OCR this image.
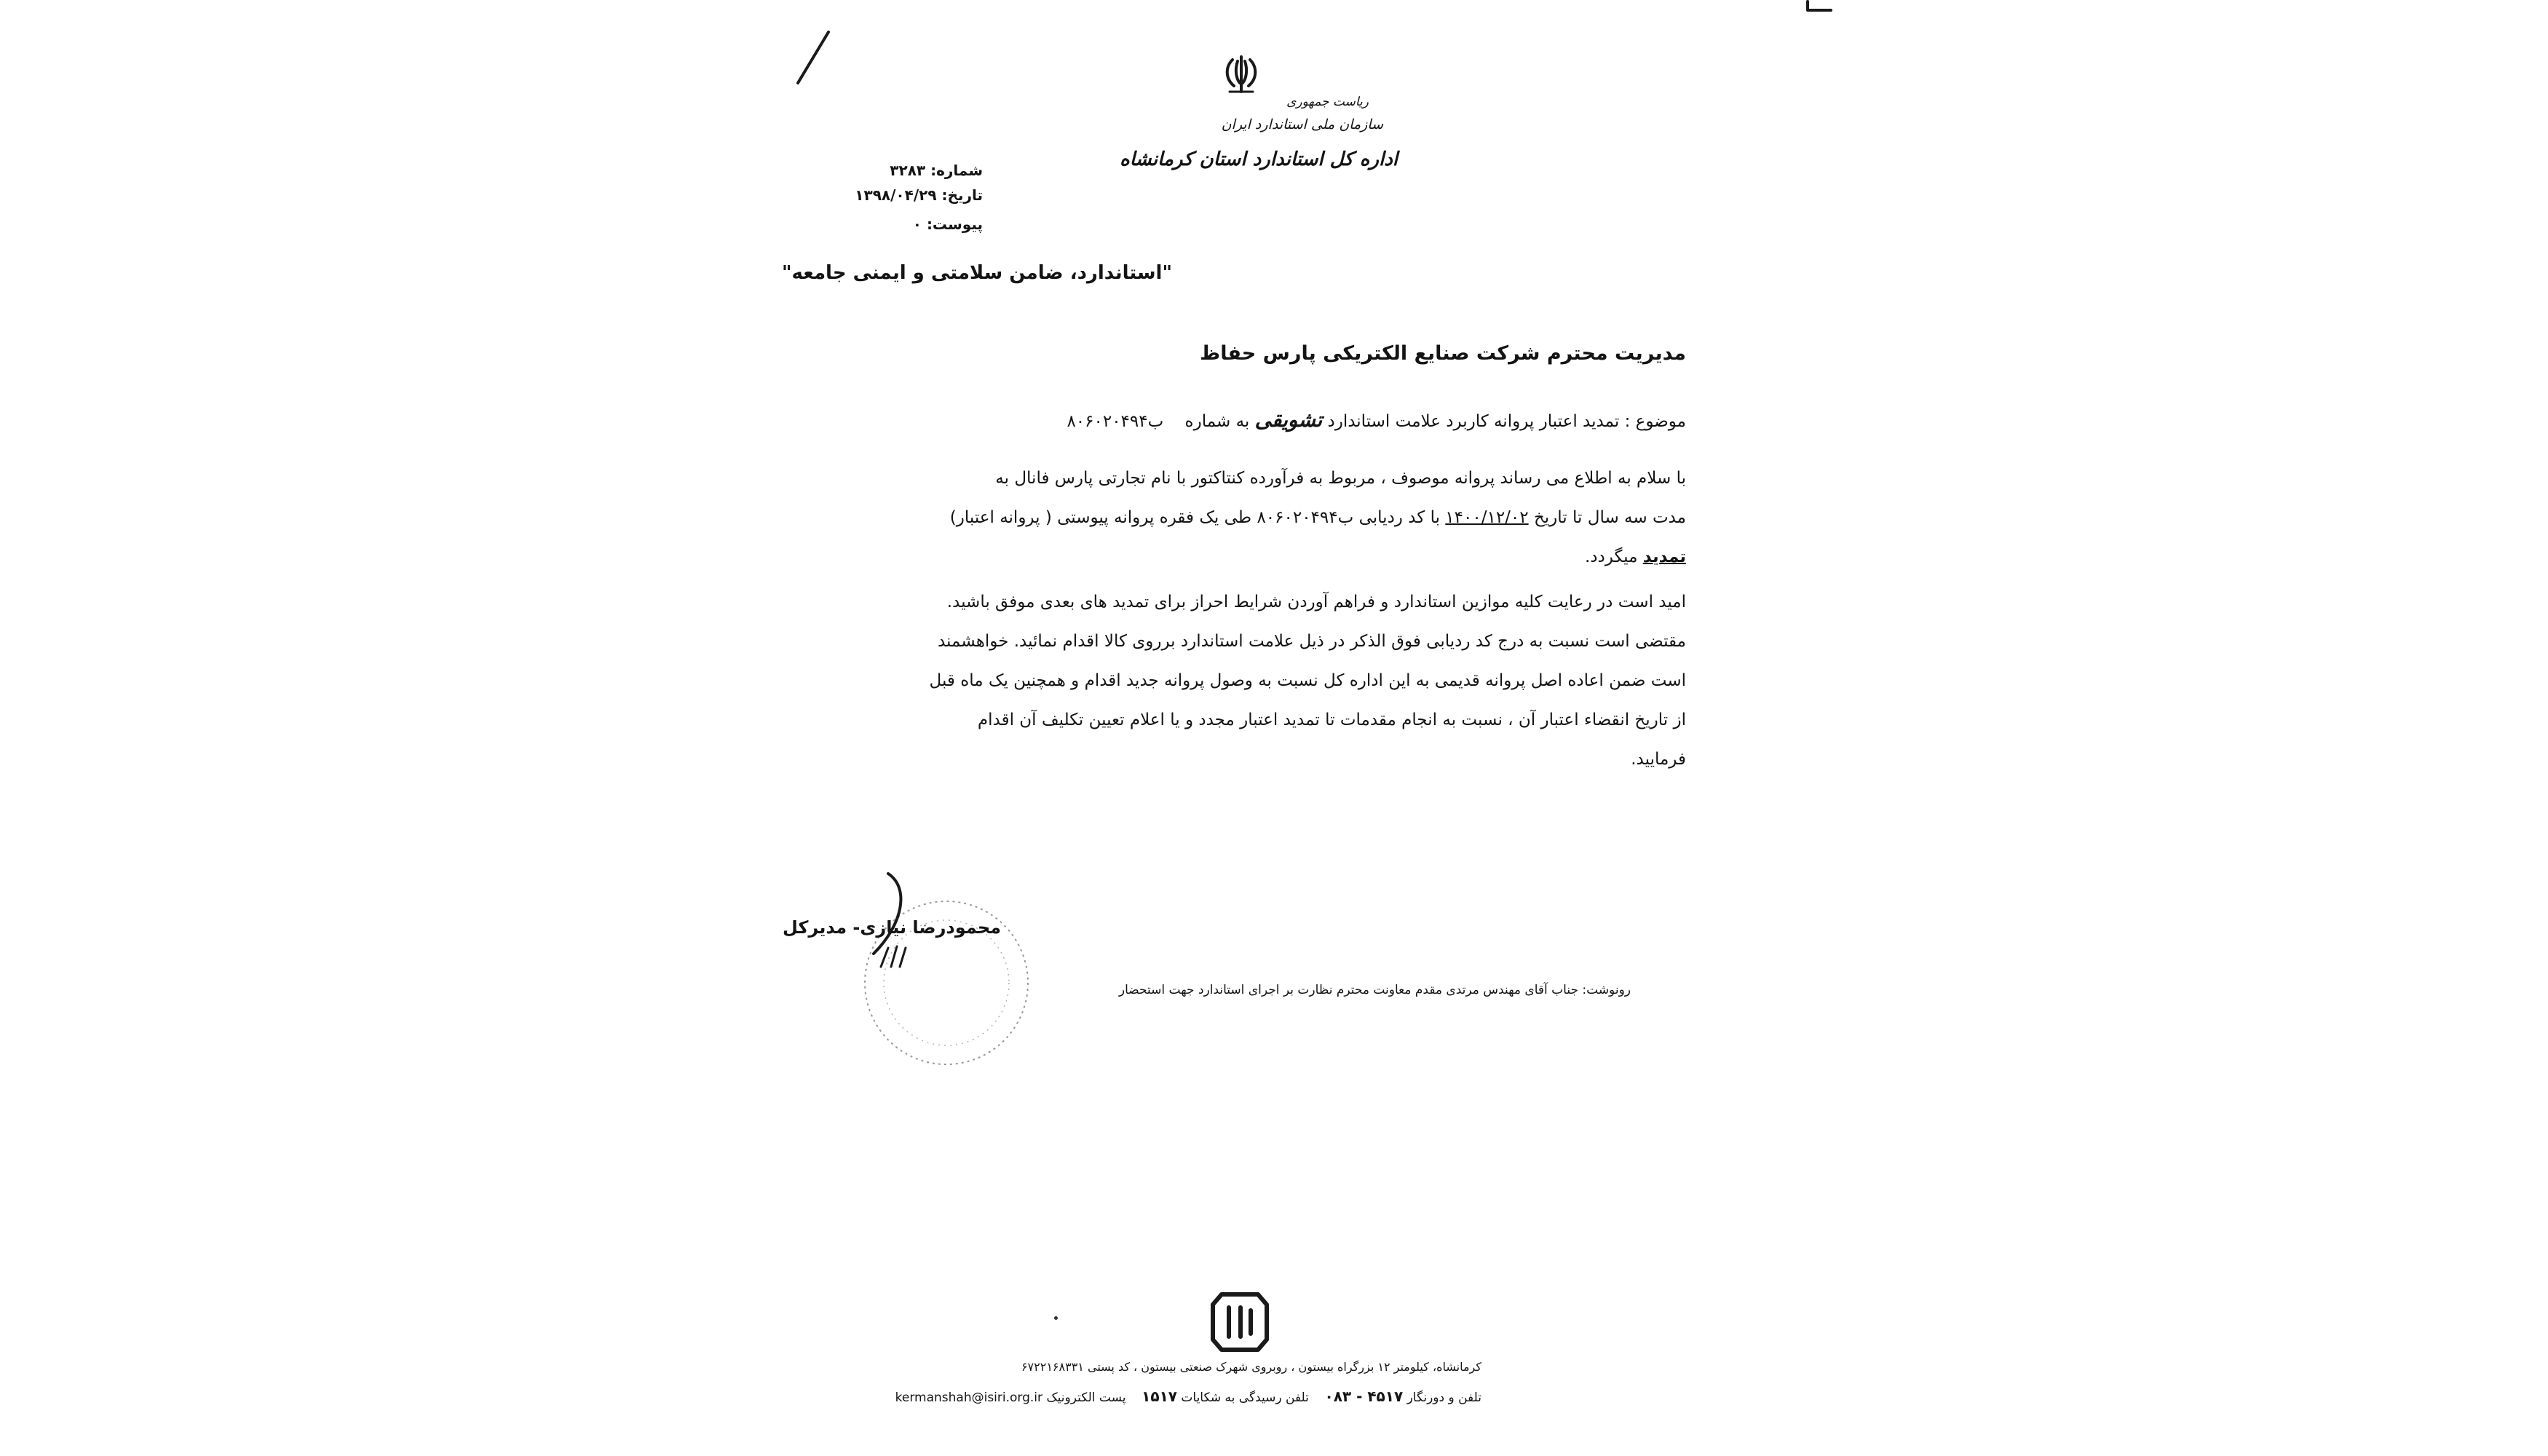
ریاست جمهوری
سازمان ملی استاندارد ایران
اداره کل استاندارد استان کرمانشاه
شماره: ۳۲۸۳
تاریخ: ۱۳۹۸/۰۴/۲۹
پیوست: ۰
"استاندارد، ضامن سلامتی و ایمنی جامعه"
مدیریت محترم شرکت صنایع الکتریکی پارس حفاظ
موضوع : تمدید اعتبار پروانه کاربرد علامت استاندارد تشویقی به شماره    ب۸۰۶۰۲۰۴۹۴
با سلام به اطلاع می رساند پروانه موصوف ، مربوط به فرآورده کنتاکتور با نام تجارتی پارس فانال به
مدت سه سال تا تاریخ ۱۴۰۰/۱۲/۰۲ با کد ردیابی ب۸۰۶۰۲۰۴۹۴ طی یک فقره پروانه پیوستی ( پروانه اعتبار)
تمدید میگردد.
امید است در رعایت کلیه موازین استاندارد و فراهم آوردن شرایط احراز برای تمدید های بعدی موفق باشید.
مقتضی است نسبت به درج کد ردیابی فوق الذکر در ذیل علامت استاندارد برروی کالا اقدام نمائید. خواهشمند
است ضمن اعاده اصل پروانه قدیمی به این اداره کل نسبت به وصول پروانه جدید اقدام و همچنین یک ماه قبل
از تاریخ انقضاء اعتبار آن ، نسبت به انجام مقدمات تا تمدید اعتبار مجدد و یا اعلام تعیین تکلیف آن اقدام
فرمایید.
محمودرضا نیازی- مدیرکل
رونوشت: جناب آقای مهندس مرتدی مقدم معاونت محترم نظارت بر اجرای استاندارد جهت استحضار
کرمانشاه، کیلومتر ۱۲ بزرگراه بیستون ، روبروی شهرک صنعتی بیستون ، کد پستی ۶۷۲۲۱۶۸۳۳۱
تلفن و دورنگار ۴۵۱۷ - ۰۸۳    تلفن رسیدگی به شکایات ۱۵۱۷    پست الکترونیک kermanshah@isiri.org.ir
